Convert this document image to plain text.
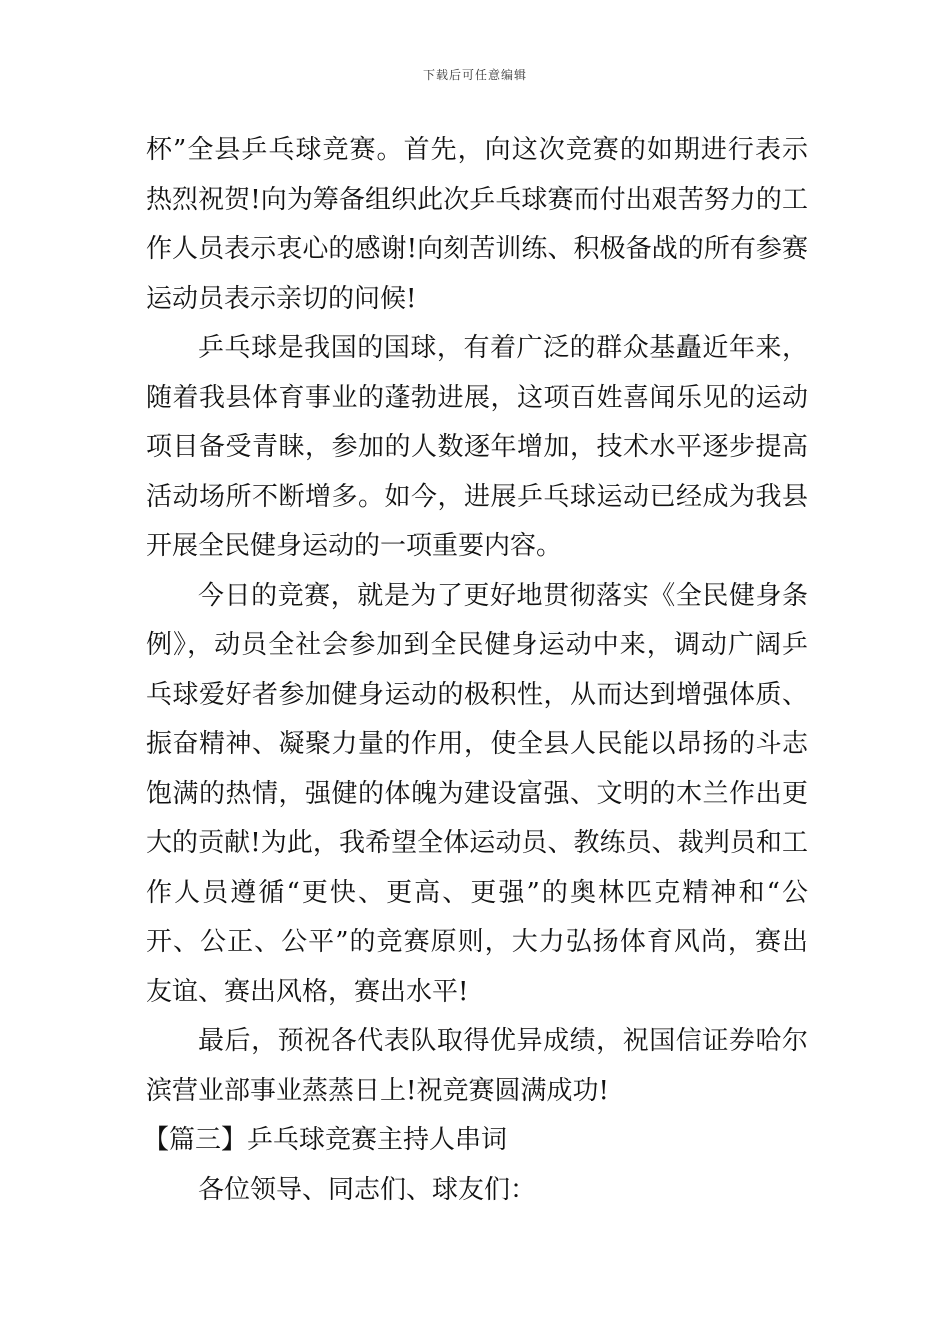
下载后可任意编辑

杯”全县乒乓球竞赛。首先，向这次竞赛的如期进行表示热烈祝贺!向为筹备组织此次乒乓球赛而付出艰苦努力的工作人员表示衷心的感谢!向刻苦训练、积极备战的所有参赛运动员表示亲切的问候!

乒乓球是我国的国球，有着广泛的群众基矗近年来，随着我县体育事业的蓬勃进展，这项百姓喜闻乐见的运动项目备受青睐，参加的人数逐年增加，技术水平逐步提高活动场所不断增多。如今，进展乒乓球运动已经成为我县开展全民健身运动的一项重要内容。

今日的竞赛，就是为了更好地贯彻落实《全民健身条例》，动员全社会参加到全民健身运动中来，调动广阔乒乓球爱好者参加健身运动的极积性，从而达到增强体质、振奋精神、凝聚力量的作用，使全县人民能以昂扬的斗志饱满的热情，强健的体魄为建设富强、文明的木兰作出更大的贡献!为此，我希望全体运动员、教练员、裁判员和工作人员遵循“更快、更高、更强”的奥林匹克精神和“公开、公正、公平”的竞赛原则，大力弘扬体育风尚，赛出友谊、赛出风格，赛出水平!

最后，预祝各代表队取得优异成绩，祝国信证券哈尔滨营业部事业蒸蒸日上!祝竞赛圆满成功!

【篇三】乒乓球竞赛主持人串词

各位领导、同志们、球友们：
